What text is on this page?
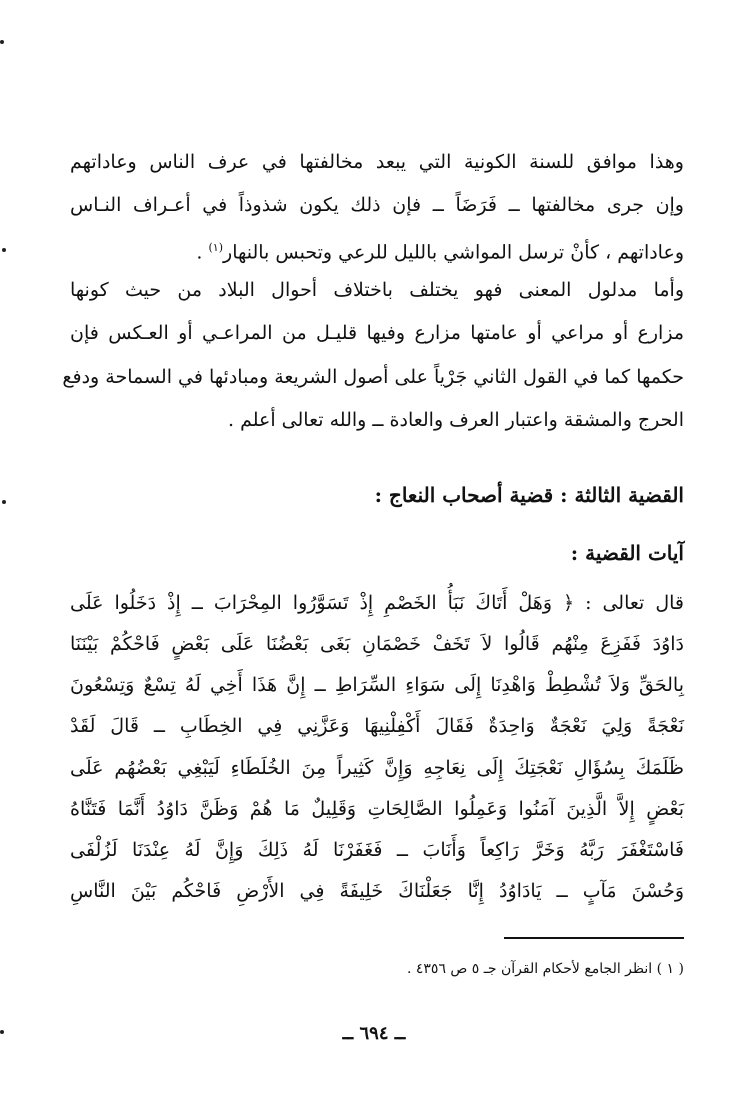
وهذا موافق للسنة الكونية التي يبعد مخالفتها في عرف الناس وعاداتهم
وإن جرى مخالفتها ــ فَرَضَاً ــ فإن ذلك يكون شذوذاً في أعـراف النـاس
وعاداتهم ، كأنْ ترسل المواشي بالليل للرعي وتحبس بالنهار$^{(١)}$ .
وأما مدلول المعنى فهو يختلف باختلاف أحوال البلاد من حيث كونها
مزارع أو مراعي أو عامتها مزارع وفيها قليـل من المراعـي أو العـكس فإن
حكمها كما في القول الثاني جَرْياً على أصول الشريعة ومبادئها في السماحة ودفع
الحرج والمشقة واعتبار العرف والعادة ــ والله تعالى أعلم .
القضية الثالثة : قضية أصحاب النعاج :
آيات القضية :
قال تعالى : ﴿ وَهَلْ أَتَاكَ نَبَأُ الخَصْمِ إِذْ تَسَوَّرُوا المِحْرَابَ ــ إِذْ دَخَلُوا عَلَى
دَاوُدَ فَفَزِعَ مِنْهُم قَالُوا لاَ تَخَفْ خَصْمَانِ بَغَى بَعْضُنَا عَلَى بَعْضٍ فَاحْكُمْ بَيْنَنَا
بِالحَقِّ وَلاَ تُشْطِطْ وَاهْدِنَا إِلَى سَوَاءِ السِّرَاطِ ــ إِنَّ هَذَا أَخِي لَهُ تِسْعٌ وَتِسْعُونَ
نَعْجَةً وَلِيَ نَعْجَةٌ وَاحِدَةٌ فَقَالَ أَكْفِلْنِيهَا وَعَزَّنِي فِي الخِطَابِ ــ قَالَ لَقَدْ
ظَلَمَكَ بِسُؤَالِ نَعْجَتِكَ إِلَى نِعَاجِهِ وَإِنَّ كَثِيراً مِنَ الخُلَطَاءِ لَيَبْغِي بَعْضُهُم عَلَى
بَعْضٍ إِلاَّ الَّذِينَ آمَنُوا وَعَمِلُوا الصَّالِحَاتِ وَقَلِيلٌ مَا هُمْ وَظَنَّ دَاوُدُ أَنَّمَا فَتَنَّاهُ
فَاسْتَغْفَرَ رَبَّهُ وَخَرَّ رَاكِعاً وَأَنَابَ ــ فَغَفَرْنَا لَهُ ذَلِكَ وَإِنَّ لَهُ عِنْدَنَا لَزُلْفَى
وَحُسْنَ مَآبٍ ــ يَادَاوُدُ إِنَّا جَعَلْنَاكَ خَلِيفَةً فِي الأَرْضِ فَاحْكُم بَيْنَ النَّاسِ
( ١ ) انظر الجامع لأحكام القرآن جـ ٥ ص ٤٣٥٦ .
ــ ٦٩٤ ــ
